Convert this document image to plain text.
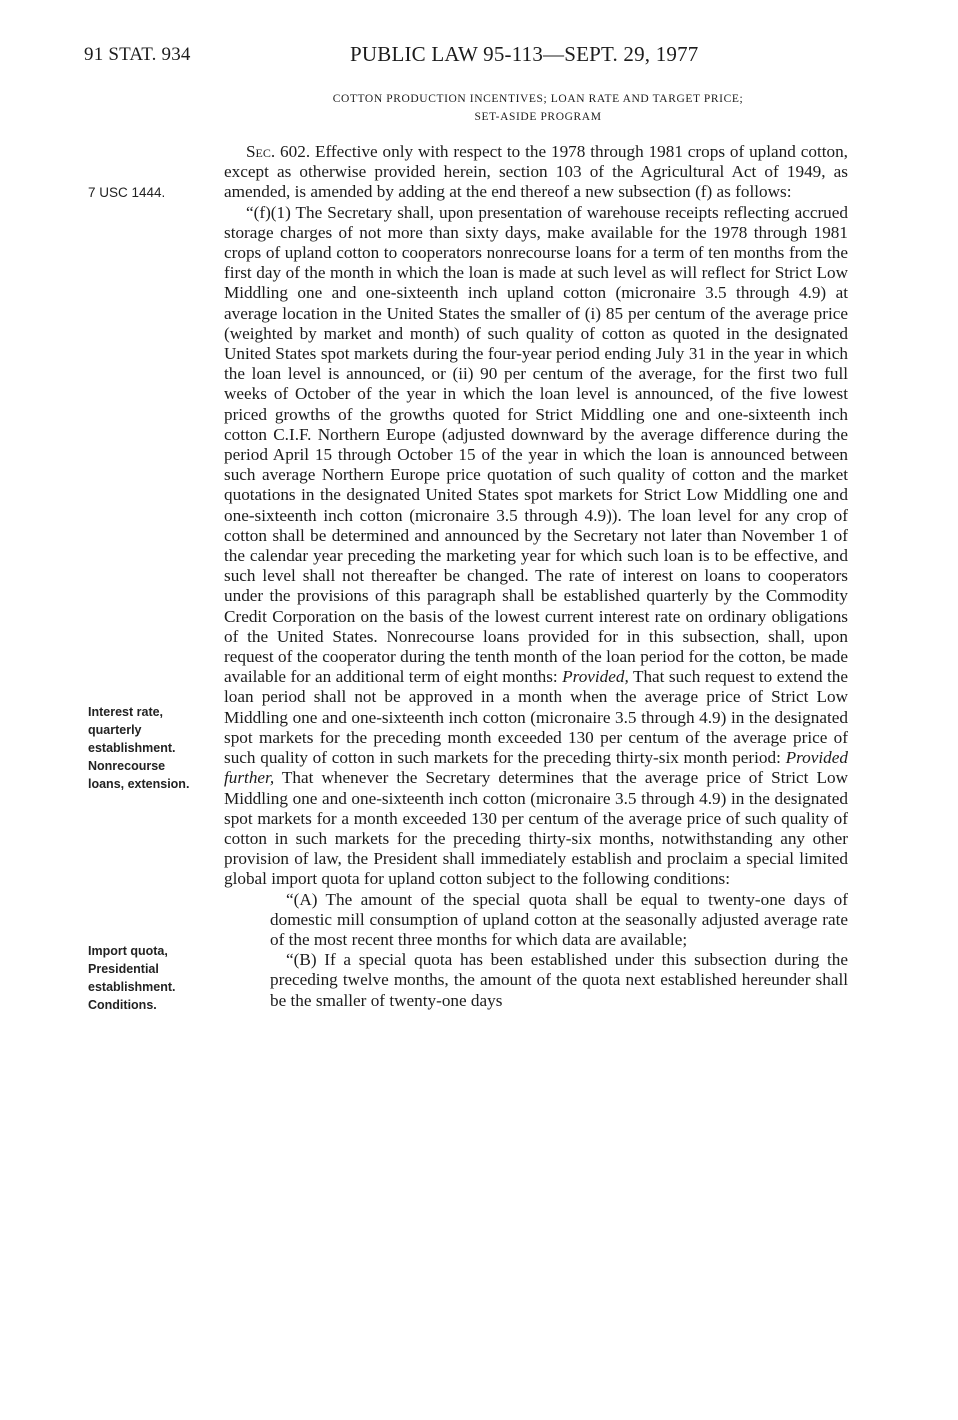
91 STAT. 934	PUBLIC LAW 95-113—SEPT. 29, 1977
COTTON PRODUCTION INCENTIVES; LOAN RATE AND TARGET PRICE;
SET-ASIDE PROGRAM
7 USC 1444.
Interest rate,
quarterly
establishment.
Nonrecourse
loans, extension.
Import quota,
Presidential
establishment.
Conditions.

Sec. 602. Effective only with respect to the 1978 through 1981 crops of upland cotton, except as otherwise provided herein, section 103 of the Agricultural Act of 1949, as amended, is amended by adding at the end thereof a new subsection (f) as follows:

“(f)(1) The Secretary shall, upon presentation of warehouse receipts reflecting accrued storage charges of not more than sixty days, make available for the 1978 through 1981 crops of upland cotton to cooperators nonrecourse loans for a term of ten months from the first day of the month in which the loan is made at such level as will reflect for Strict Low Middling one and one-sixteenth inch upland cotton (micronaire 3.5 through 4.9) at average location in the United States the smaller of (i) 85 per centum of the average price (weighted by market and month) of such quality of cotton as quoted in the designated United States spot markets during the four-year period ending July 31 in the year in which the loan level is announced, or (ii) 90 per centum of the average, for the first two full weeks of October of the year in which the loan level is announced, of the five lowest priced growths of the growths quoted for Strict Middling one and one-sixteenth inch cotton C.I.F. Northern Europe (adjusted downward by the average difference during the period April 15 through October 15 of the year in which the loan is announced between such average Northern Europe price quotation of such quality of cotton and the market quotations in the designated United States spot markets for Strict Low Middling one and one-sixteenth inch cotton (micronaire 3.5 through 4.9)). The loan level for any crop of cotton shall be determined and announced by the Secretary not later than November 1 of the calendar year preceding the marketing year for which such loan is to be effective, and such level shall not thereafter be changed. The rate of interest on loans to cooperators under the provisions of this paragraph shall be established quarterly by the Commodity Credit Corporation on the basis of the lowest current interest rate on ordinary obligations of the United States. Nonrecourse loans provided for in this subsection, shall, upon request of the cooperator during the tenth month of the loan period for the cotton, be made available for an additional term of eight months: Provided, That such request to extend the loan period shall not be approved in a month when the average price of Strict Low Middling one and one-sixteenth inch cotton (micronaire 3.5 through 4.9) in the designated spot markets for the preceding month exceeded 130 per centum of the average price of such quality of cotton in such markets for the preceding thirty-six month period: Provided further, That whenever the Secretary determines that the average price of Strict Low Middling one and one-sixteenth inch cotton (micronaire 3.5 through 4.9) in the designated spot markets for a month exceeded 130 per centum of the average price of such quality of cotton in such markets for the preceding thirty-six months, notwithstanding any other provision of law, the President shall immediately establish and proclaim a special limited global import quota for upland cotton subject to the following conditions:

“(A) The amount of the special quota shall be equal to twenty-one days of domestic mill consumption of upland cotton at the seasonally adjusted average rate of the most recent three months for which data are available;

“(B) If a special quota has been established under this subsection during the preceding twelve months, the amount of the quota next established hereunder shall be the smaller of twenty-one days
